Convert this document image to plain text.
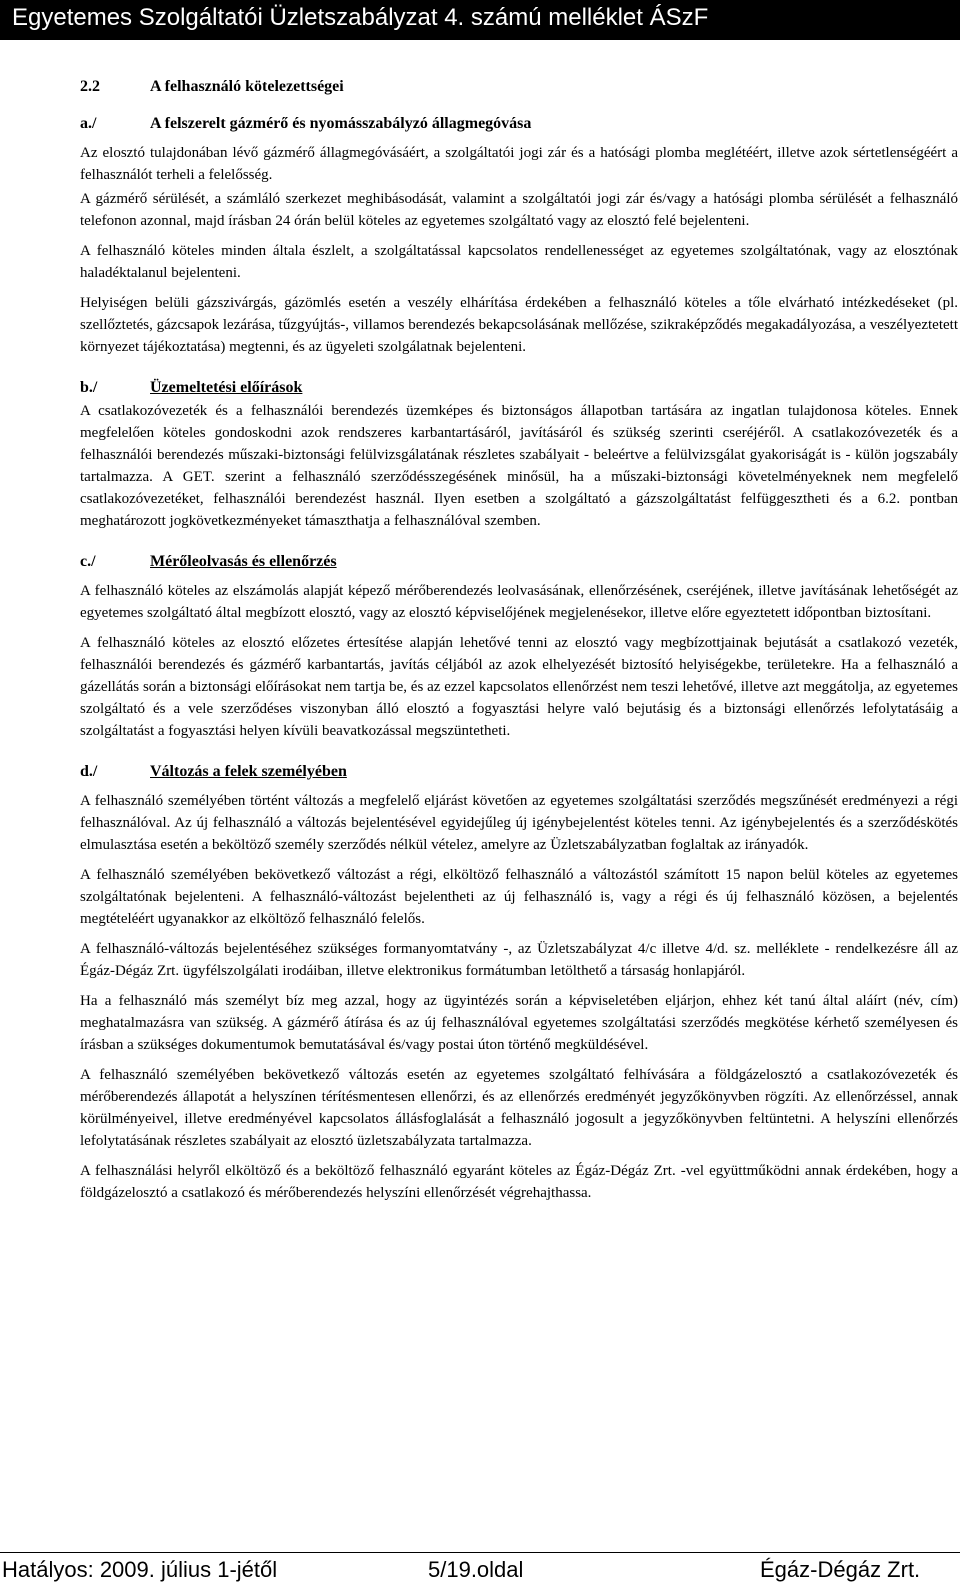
Egyetemes Szolgáltatói Üzletszabályzat 4. számú melléklet ÁSzF
2.2	A felhasználó kötelezettségei
a./	A felszerelt gázmérő és nyomásszabályzó állagmegóvása

Az elosztó tulajdonában lévő gázmérő állagmegóvásáért, a szolgáltatói jogi zár és a hatósági plomba meglétéért, illetve azok sértetlenségéért a felhasználót terheli a felelősség.

A gázmérő sérülését, a számláló szerkezet meghibásodását, valamint a szolgáltatói jogi zár és/vagy a hatósági plomba sérülését a felhasználó telefonon azonnal, majd írásban 24 órán belül köteles az egyetemes szolgáltató vagy az elosztó felé bejelenteni.

A felhasználó köteles minden általa észlelt, a szolgáltatással kapcsolatos rendellenességet az egyetemes szolgáltatónak, vagy az elosztónak haladéktalanul bejelenteni.

Helyiségen belüli gázszivárgás, gázömlés esetén a veszély elhárítása érdekében a felhasználó köteles a tőle elvárható intézkedéseket (pl. szellőztetés, gázcsapok lezárása, tűzgyújtás-, villamos berendezés bekapcsolásának mellőzése, szikraképződés megakadályozása, a veszélyeztetett környezet tájékoztatása) megtenni, és az ügyeleti szolgálatnak bejelenteni.

b./	Üzemeltetési előírások

A csatlakozóvezeték és a felhasználói berendezés üzemképes és biztonságos állapotban tartására az ingatlan tulajdonosa köteles. Ennek megfelelően köteles gondoskodni azok rendszeres karbantartásáról, javításáról és szükség szerinti cseréjéről. A csatlakozóvezeték és a felhasználói berendezés műszaki-biztonsági felülvizsgálatának részletes szabályait - beleértve a felülvizsgálat gyakoriságát is - külön jogszabály tartalmazza. A GET. szerint a felhasználó szerződésszegésének minősül, ha a műszaki-biztonsági követelményeknek nem megfelelő csatlakozóvezetéket, felhasználói berendezést használ. Ilyen esetben a szolgáltató a gázszolgáltatást felfüggesztheti és a 6.2. pontban meghatározott jogkövetkezményeket támaszthatja a felhasználóval szemben.

c./	Mérőleolvasás és ellenőrzés

A felhasználó köteles az elszámolás alapját képező mérőberendezés leolvasásának, ellenőrzésének, cseréjének, illetve javításának lehetőségét az egyetemes szolgáltató által megbízott elosztó, vagy az elosztó képviselőjének megjelenésekor, illetve előre egyeztetett időpontban biztosítani.

A felhasználó köteles az elosztó előzetes értesítése alapján lehetővé tenni az elosztó vagy megbízottjainak bejutását a csatlakozó vezeték, felhasználói berendezés és gázmérő karbantartás, javítás céljából az azok elhelyezését biztosító helyiségekbe, területekre. Ha a felhasználó a gázellátás során a biztonsági előírásokat nem tartja be, és az ezzel kapcsolatos ellenőrzést nem teszi lehetővé, illetve azt meggátolja, az egyetemes szolgáltató és a vele szerződéses viszonyban álló elosztó a fogyasztási helyre való bejutásig és a biztonsági ellenőrzés lefolytatásáig a szolgáltatást a fogyasztási helyen kívüli beavatkozással megszüntetheti.

d./	Változás a felek személyében

A felhasználó személyében történt változás a megfelelő eljárást követően az egyetemes szolgáltatási szerződés megszűnését eredményezi a régi felhasználóval. Az új felhasználó a változás bejelentésével egyidejűleg új igénybejelentést köteles tenni. Az igénybejelentés és a szerződéskötés elmulasztása esetén a beköltöző személy szerződés nélkül vételez, amelyre az Üzletszabályzatban foglaltak az irányadók.

A felhasználó személyében bekövetkező változást a régi, elköltöző felhasználó a változástól számított 15 napon belül köteles az egyetemes szolgáltatónak bejelenteni. A felhasználó-változást bejelentheti az új felhasználó is, vagy a régi és új felhasználó közösen, a bejelentés megtételéért ugyanakkor az elköltöző felhasználó felelős.

A felhasználó-változás bejelentéséhez szükséges formanyomtatvány -, az Üzletszabályzat 4/c illetve 4/d. sz. melléklete - rendelkezésre áll az Égáz-Dégáz Zrt. ügyfélszolgálati irodáiban, illetve elektronikus formátumban letölthető a társaság honlapjáról.

Ha a felhasználó más személyt bíz meg azzal, hogy az ügyintézés során a képviseletében eljárjon, ehhez két tanú által aláírt (név, cím) meghatalmazásra van szükség. A gázmérő átírása és az új felhasználóval egyetemes szolgáltatási szerződés megkötése kérhető személyesen és írásban a szükséges dokumentumok bemutatásával és/vagy postai úton történő megküldésével.

A felhasználó személyében bekövetkező változás esetén az egyetemes szolgáltató felhívására a földgázelosztó a csatlakozóvezeték és mérőberendezés állapotát a helyszínen térítésmentesen ellenőrzi, és az ellenőrzés eredményét jegyzőkönyvben rögzíti. Az ellenőrzéssel, annak körülményeivel, illetve eredményével kapcsolatos állásfoglalását a felhasználó jogosult a jegyzőkönyvben feltüntetni. A helyszíni ellenőrzés lefolytatásának részletes szabályait az elosztó üzletszabályzata tartalmazza.

A felhasználási helyről elköltöző és a beköltöző felhasználó egyaránt köteles az Égáz-Dégáz Zrt. -vel együttműködni annak érdekében, hogy a földgázelosztó a csatlakozó és mérőberendezés helyszíni ellenőrzését végrehajthassa.

Hatályos: 2009. július 1-jétől	5/19.oldal	Égáz-Dégáz Zrt.
